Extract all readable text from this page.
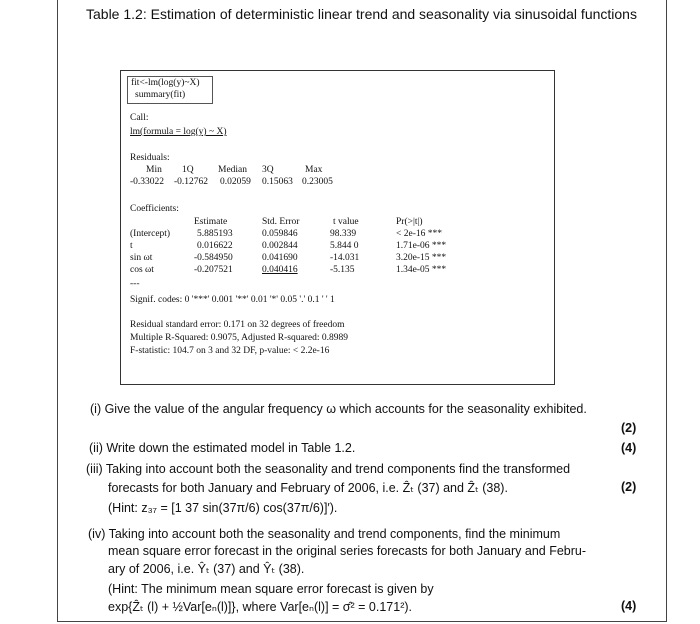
Table 1.2: Estimation of deterministic linear trend and seasonality via sinusoidal functions
fit<-lm(log(y)~X)
summary(fit)
Call:
lm(formula = log(y) ~ X)
Residuals:
Min 1Q	Median 3Q	Max
-0.33022 -0.12762 0.02059 0.15063 0.23005
Coefficients:
Estimate	Std. Error	t value	Pr(>|t|)
(Intercept)	5.885193	0.059846	98.339	< 2e-16 ***
t	0.016622	0.002844	5.844 0	1.71e-06 ***
sin ωt	-0.584950	0.041690	-14.031	3.20e-15 ***
cos ωt	-0.207521	0.040416	-5.135	1.34e-05 ***
---
Signif. codes: 0 '***' 0.001 '**' 0.01 '*' 0.05 '.' 0.1 ' ' 1
Residual standard error: 0.171 on 32 degrees of freedom
Multiple R-Squared: 0.9075, Adjusted R-squared: 0.8989
F-statistic: 104.7 on 3 and 32 DF, p-value: < 2.2e-16
(i) Give the value of the angular frequency ω which accounts for the seasonality exhibited.
(2)
(ii) Write down the estimated model in Table 1.2.	(4)
(iii) Taking into account both the seasonality and trend components find the transformed
forecasts for both January and February of 2006, i.e. Ẑₜ (37) and Ẑₜ (38).	(2)
(Hint: z₃₇ = [1 37 sin(37π/6) cos(37π/6)]′).
(iv) Taking into account both the seasonality and trend components, find the minimum
mean square error forecast in the original series forecasts for both January and Febru-
ary of 2006, i.e. Ŷₜ (37) and Ŷₜ (38).
(Hint: The minimum mean square error forecast is given by
exp{Ẑₜ (l) + ½Var[eₙ(l)]}, where Var[eₙ(l)] = σ̂² = 0.171²).	(4)
